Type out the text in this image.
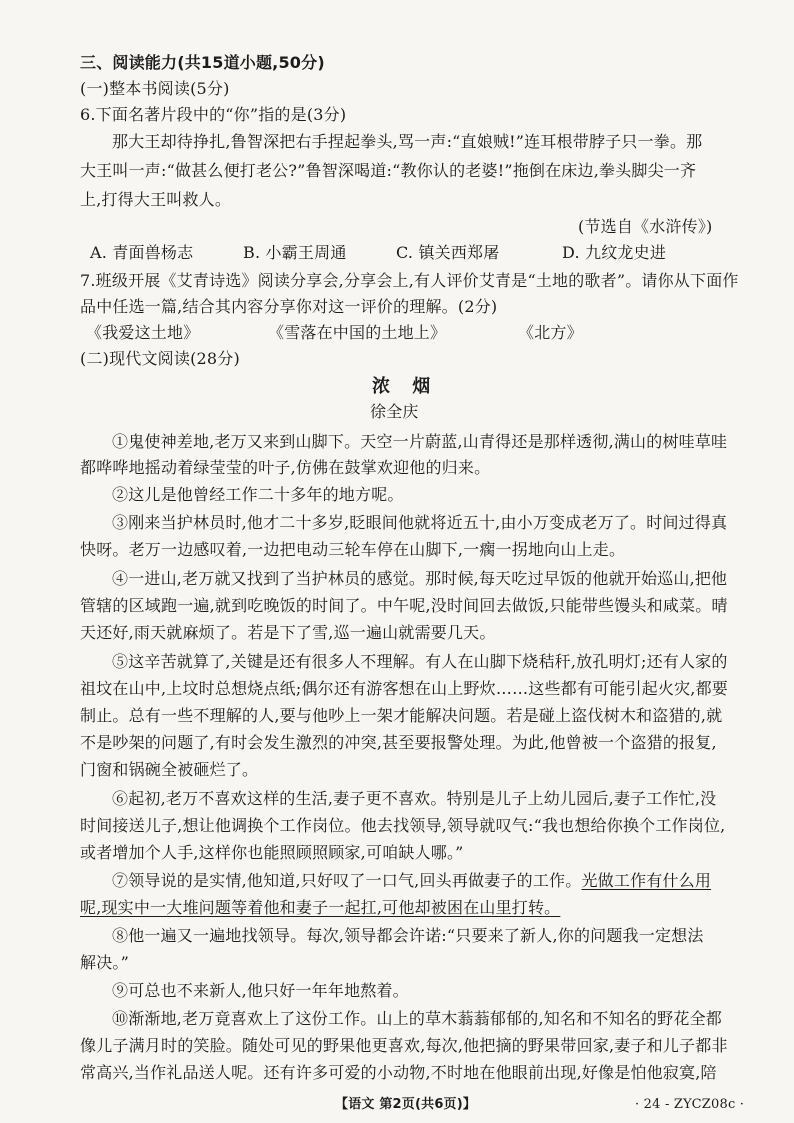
三、阅读能力(共15道小题,50分)
(一)整本书阅读(5分)
6.下面名著片段中的“你”指的是(3分)
那大王却待挣扎,鲁智深把右手捏起拳头,骂一声:“直娘贼!”连耳根带脖子只一拳。那
大王叫一声:“做甚么便打老公?”鲁智深喝道:“教你认的老婆!”拖倒在床边,拳头脚尖一齐
上,打得大王叫救人。
(节选自《水浒传》)
A. 青面兽杨志	B. 小霸王周通	C. 镇关西郑屠	D. 九纹龙史进
7.班级开展《艾青诗选》阅读分享会,分享会上,有人评价艾青是“土地的歌者”。请你从下面作
品中任选一篇,结合其内容分享你对这一评价的理解。(2分)
《我爱这土地》	《雪落在中国的土地上》	《北方》
(二)现代文阅读(28分)
浓 烟
徐全庆
①鬼使神差地,老万又来到山脚下。天空一片蔚蓝,山青得还是那样透彻,满山的树哇草哇
都哗哗地摇动着绿莹莹的叶子,仿佛在鼓掌欢迎他的归来。
②这儿是他曾经工作二十多年的地方呢。
③刚来当护林员时,他才二十多岁,眨眼间他就将近五十,由小万变成老万了。时间过得真
快呀。老万一边感叹着,一边把电动三轮车停在山脚下,一瘸一拐地向山上走。
④一进山,老万就又找到了当护林员的感觉。那时候,每天吃过早饭的他就开始巡山,把他
管辖的区域跑一遍,就到吃晚饭的时间了。中午呢,没时间回去做饭,只能带些馒头和咸菜。晴
天还好,雨天就麻烦了。若是下了雪,巡一遍山就需要几天。
⑤这辛苦就算了,关键是还有很多人不理解。有人在山脚下烧秸秆,放孔明灯;还有人家的
祖坟在山中,上坟时总想烧点纸;偶尔还有游客想在山上野炊……这些都有可能引起火灾,都要
制止。总有一些不理解的人,要与他吵上一架才能解决问题。若是碰上盗伐树木和盗猎的,就
不是吵架的问题了,有时会发生激烈的冲突,甚至要报警处理。为此,他曾被一个盗猎的报复,
门窗和锅碗全被砸烂了。
⑥起初,老万不喜欢这样的生活,妻子更不喜欢。特别是儿子上幼儿园后,妻子工作忙,没
时间接送儿子,想让他调换个工作岗位。他去找领导,领导就叹气:“我也想给你换个工作岗位,
或者增加个人手,这样你也能照顾照顾家,可咱缺人哪。”
⑦领导说的是实情,他知道,只好叹了一口气,回头再做妻子的工作。光做工作有什么用
呢,现实中一大堆问题等着他和妻子一起扛,可他却被困在山里打转。
⑧他一遍又一遍地找领导。每次,领导都会许诺:“只要来了新人,你的问题我一定想法
解决。”
⑨可总也不来新人,他只好一年年地熬着。
⑩渐渐地,老万竟喜欢上了这份工作。山上的草木蓊蓊郁郁的,知名和不知名的野花全都
像儿子满月时的笑脸。随处可见的野果他更喜欢,每次,他把摘的野果带回家,妻子和儿子都非
常高兴,当作礼品送人呢。还有许多可爱的小动物,不时地在他眼前出现,好像是怕他寂寞,陪
【语文 第2页(共6页)】	· 24 - ZYCZ08c ·
